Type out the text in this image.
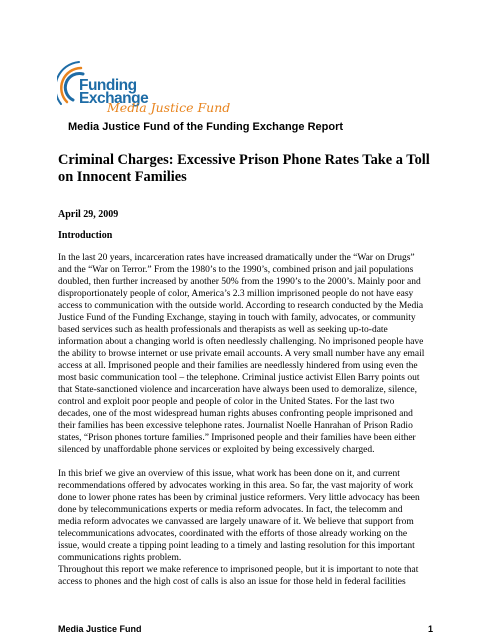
Funding
Exchange
Media Justice Fund
Media Justice Fund of the Funding Exchange Report
Criminal Charges: Excessive Prison Phone Rates Take a Toll on Innocent Families
April 29, 2009
Introduction

In the last 20 years, incarceration rates have increased dramatically under the “War on Drugs”
and the “War on Terror.” From the 1980’s to the 1990’s, combined prison and jail populations
doubled, then further increased by another 50% from the 1990’s to the 2000’s. Mainly poor and
disproportionately people of color, America’s 2.3 million imprisoned people do not have easy
access to communication with the outside world. According to research conducted by the Media
Justice Fund of the Funding Exchange, staying in touch with family, advocates, or community
based services such as health professionals and therapists as well as seeking up-to-date
information about a changing world is often needlessly challenging. No imprisoned people have
the ability to browse internet or use private email accounts. A very small number have any email
access at all. Imprisoned people and their families are needlessly hindered from using even the
most basic communication tool – the telephone. Criminal justice activist Ellen Barry points out
that State-sanctioned violence and incarceration have always been used to demoralize, silence,
control and exploit poor people and people of color in the United States. For the last two
decades, one of the most widespread human rights abuses confronting people imprisoned and
their families has been excessive telephone rates. Journalist Noelle Hanrahan of Prison Radio
states, “Prison phones torture families.” Imprisoned people and their families have been either
silenced by unaffordable phone services or exploited by being excessively charged.

In this brief we give an overview of this issue, what work has been done on it, and current
recommendations offered by advocates working in this area. So far, the vast majority of work
done to lower phone rates has been by criminal justice reformers. Very little advocacy has been
done by telecommunications experts or media reform advocates. In fact, the telecomm and
media reform advocates we canvassed are largely unaware of it. We believe that support from
telecommunications advocates, coordinated with the efforts of those already working on the
issue, would create a tipping point leading to a timely and lasting resolution for this important
communications rights problem.

Throughout this report we make reference to imprisoned people, but it is important to note that
access to phones and the high cost of calls is also an issue for those held in federal facilities

Media Justice Fund	1
